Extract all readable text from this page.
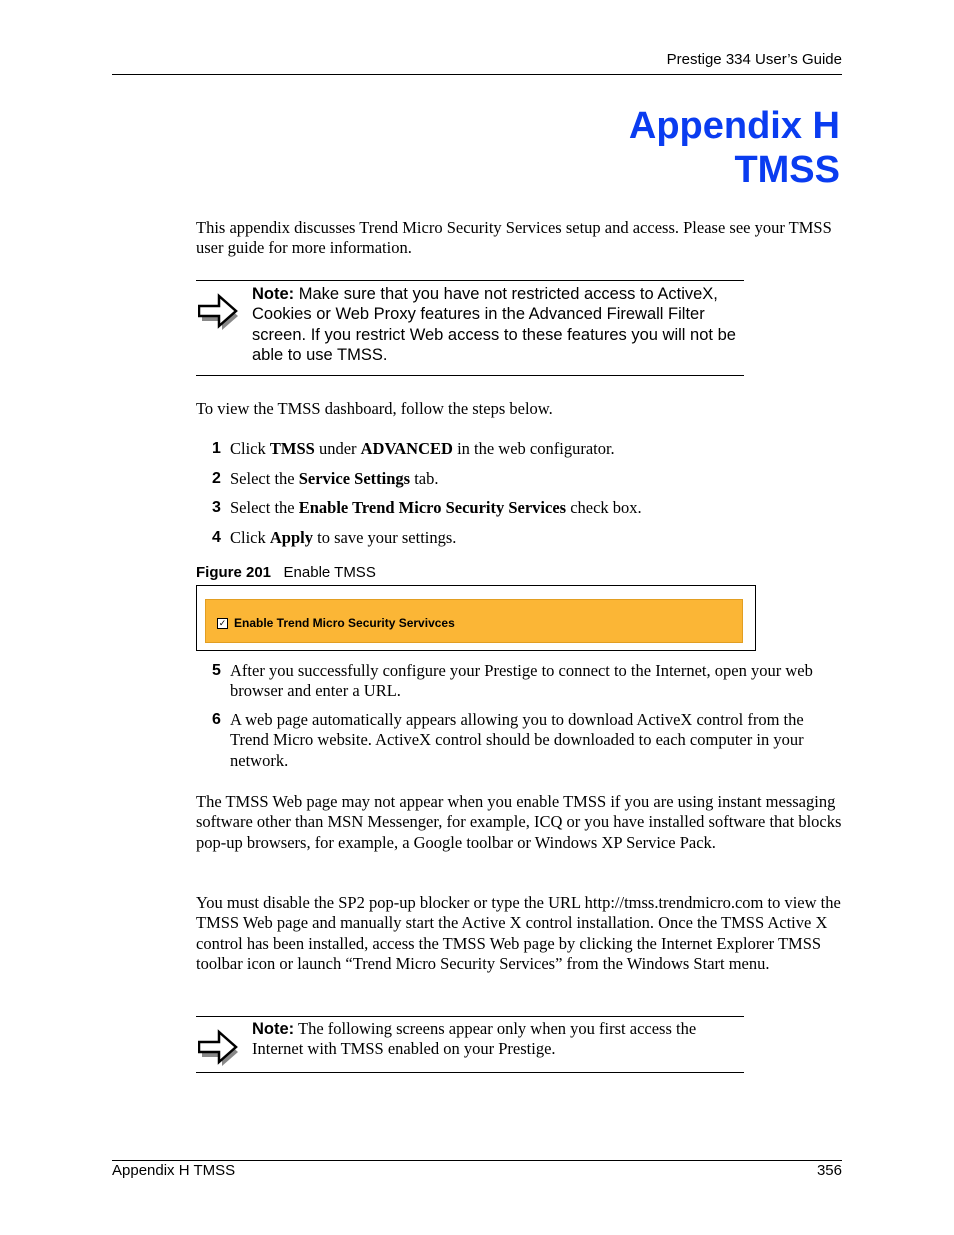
Prestige 334 User’s Guide
Appendix H
TMSS
This appendix discusses Trend Micro Security Services setup and access. Please see your TMSS user guide for more information.
Note: Make sure that you have not restricted access to ActiveX, Cookies or Web Proxy features in the Advanced Firewall Filter screen. If you restrict Web access to these features you will not be able to use TMSS.
To view the TMSS dashboard, follow the steps below.
1 Click TMSS under ADVANCED in the web configurator.
2 Select the Service Settings tab.
3 Select the Enable Trend Micro Security Services check box.
4 Click Apply to save your settings.
Figure 201 Enable TMSS
✓ Enable Trend Micro Security Servivces
5 After you successfully configure your Prestige to connect to the Internet, open your web browser and enter a URL.
6 A web page automatically appears allowing you to download ActiveX control from the Trend Micro website. ActiveX control should be downloaded to each computer in your network.
The TMSS Web page may not appear when you enable TMSS if you are using instant messaging software other than MSN Messenger, for example, ICQ or you have installed software that blocks pop-up browsers, for example, a Google toolbar or Windows XP Service Pack.
You must disable the SP2 pop-up blocker or type the URL http://tmss.trendmicro.com to view the TMSS Web page and manually start the Active X control installation. Once the TMSS Active X control has been installed, access the TMSS Web page by clicking the Internet Explorer TMSS toolbar icon or launch “Trend Micro Security Services” from the Windows Start menu.
Note: The following screens appear only when you first access the Internet with TMSS enabled on your Prestige.
Appendix H TMSS	356
